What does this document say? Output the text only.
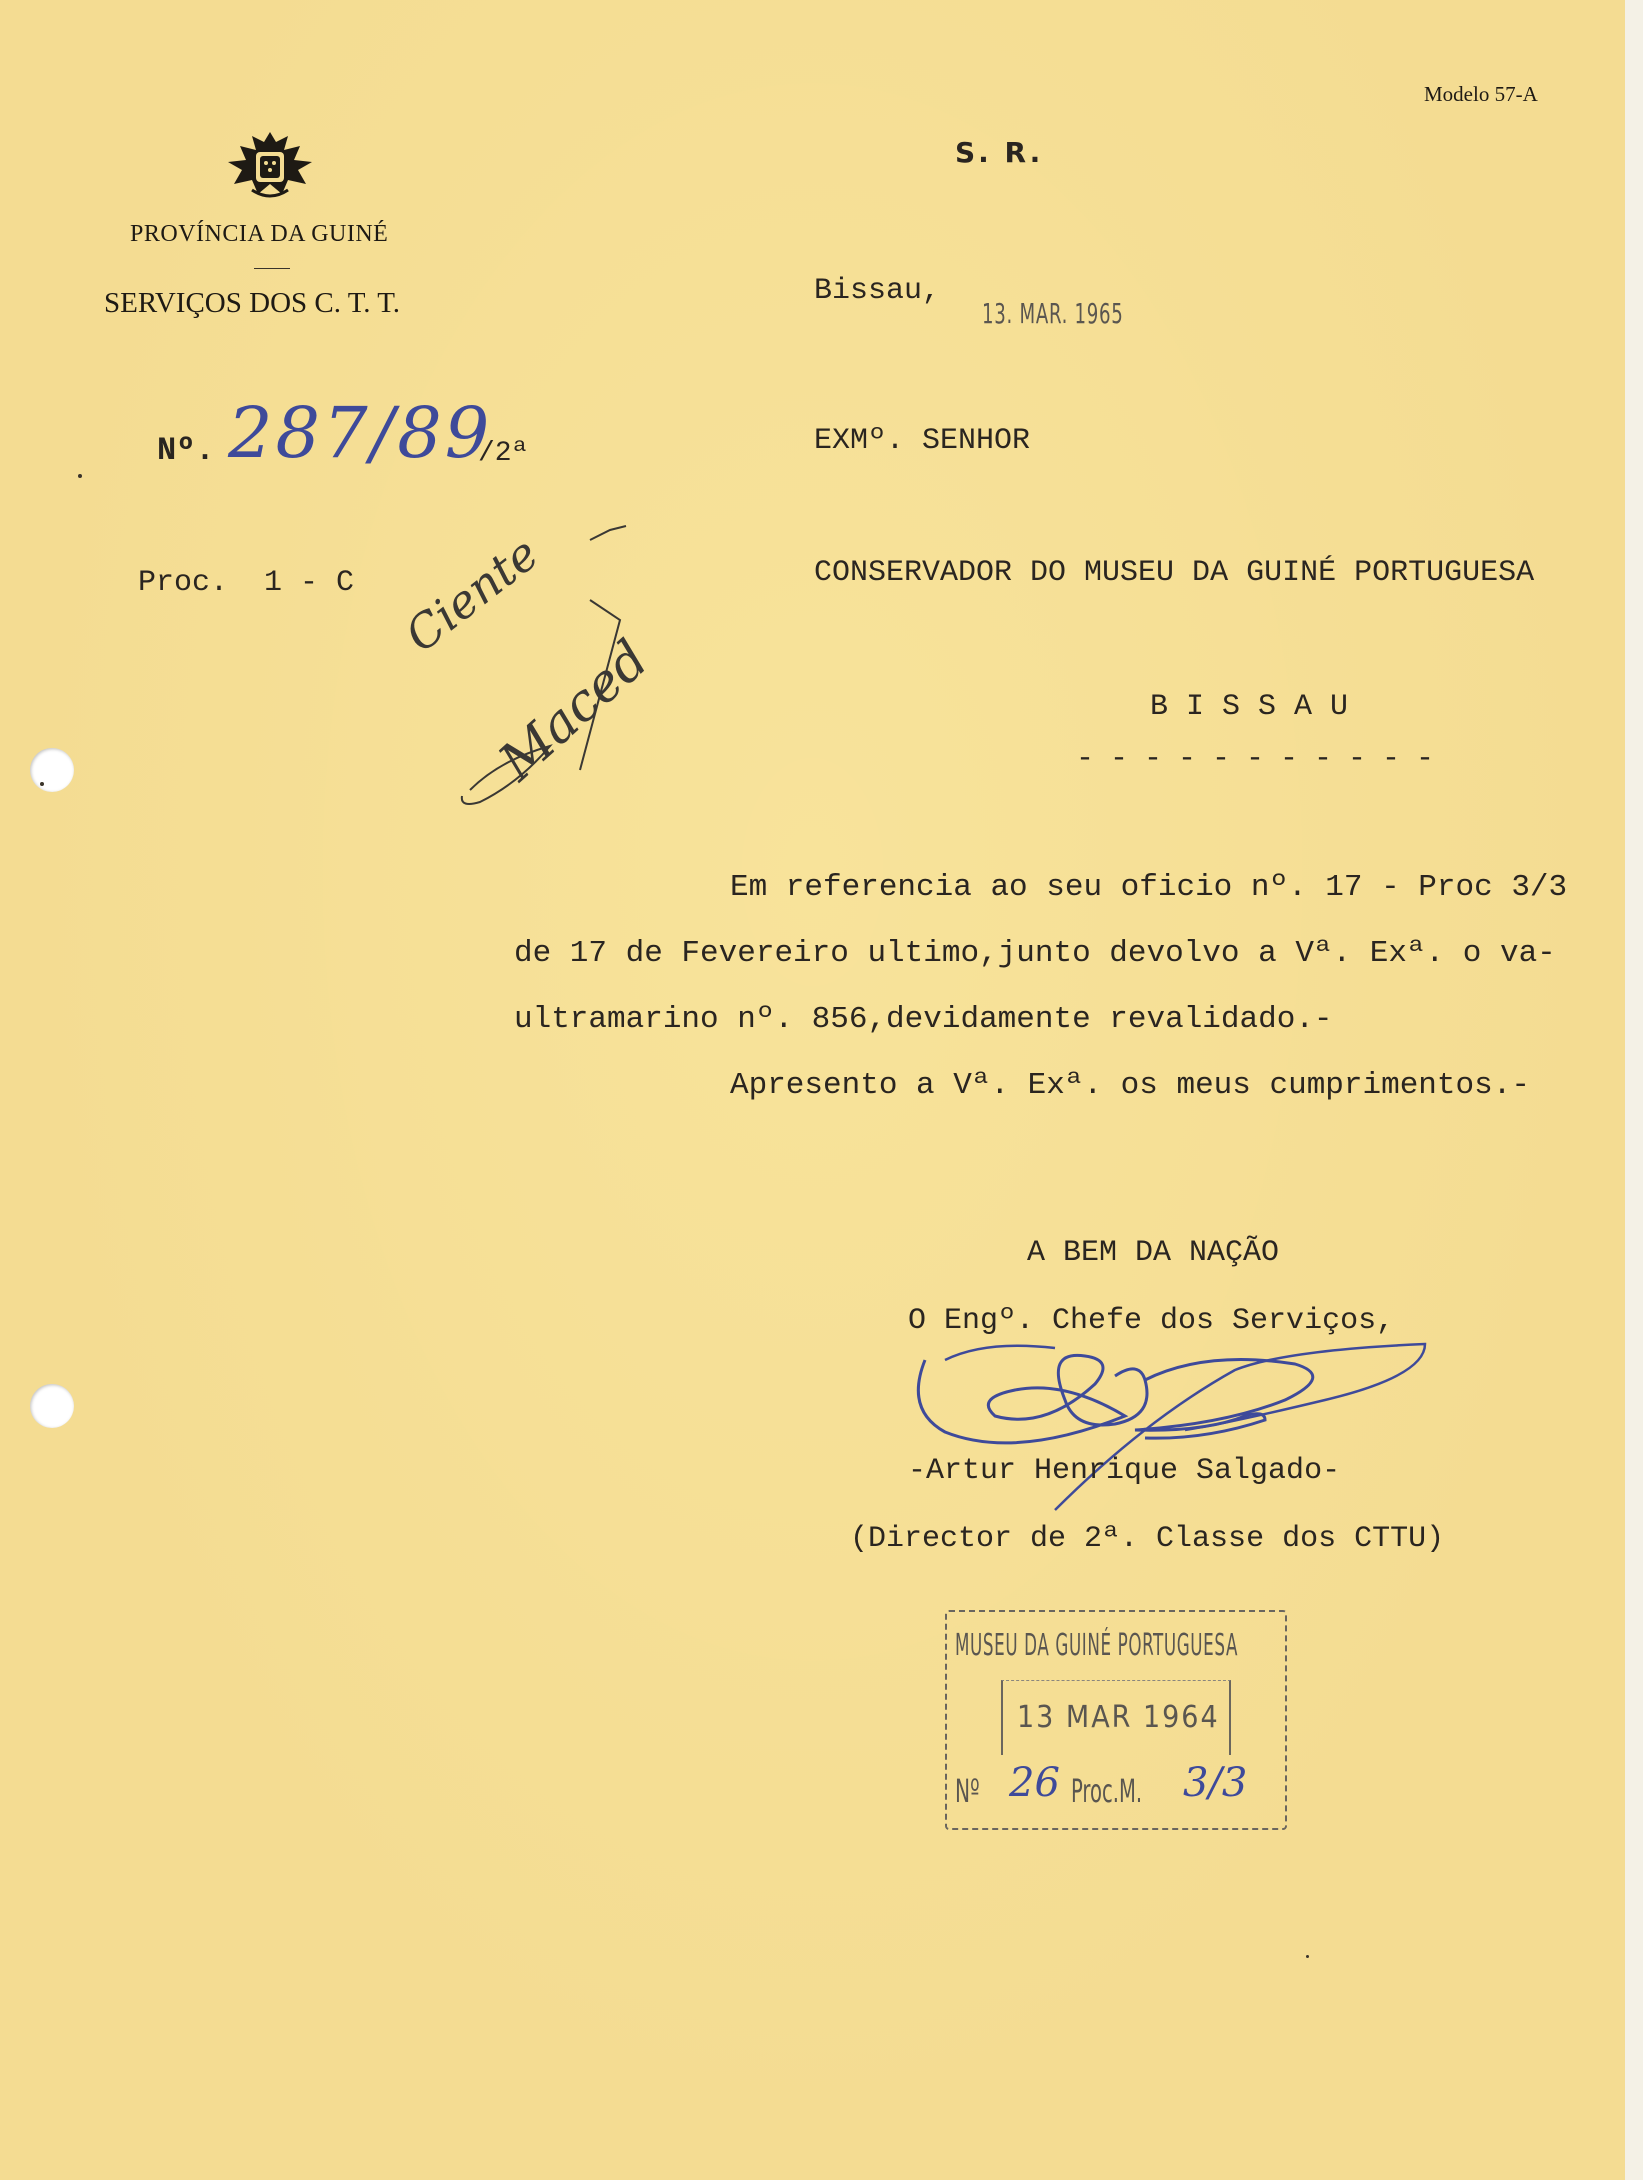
Modelo 57-A
PROVÍNCIA DA GUINÉ
SERVIÇOS DOS C. T. T.
S. R.
Bissau,
13. MAR. 1965
Nº. 287/89
/2ª
Proc.  1 - C Ciente
Maced
EXMº. SENHOR
CONSERVADOR DO MUSEU DA GUINÉ PORTUGUESA
B I S S A U
- - - - - - - - - - -
Em referencia ao seu oficio nº. 17 - Proc 3/3
de 17 de Fevereiro ultimo,junto devolvo a Vª. Exª. o va-
ultramarino nº. 856,devidamente revalidado.-
Apresento a Vª. Exª. os meus cumprimentos.-
A BEM DA NAÇÃO
O Engº. Chefe dos Serviços,
-Artur Henrique Salgado-
(Director de 2ª. Classe dos CTTU)
MUSEU DA GUINÉ PORTUGUESA
13 MAR 1964
Nº 26 Proc.M. 3/3
